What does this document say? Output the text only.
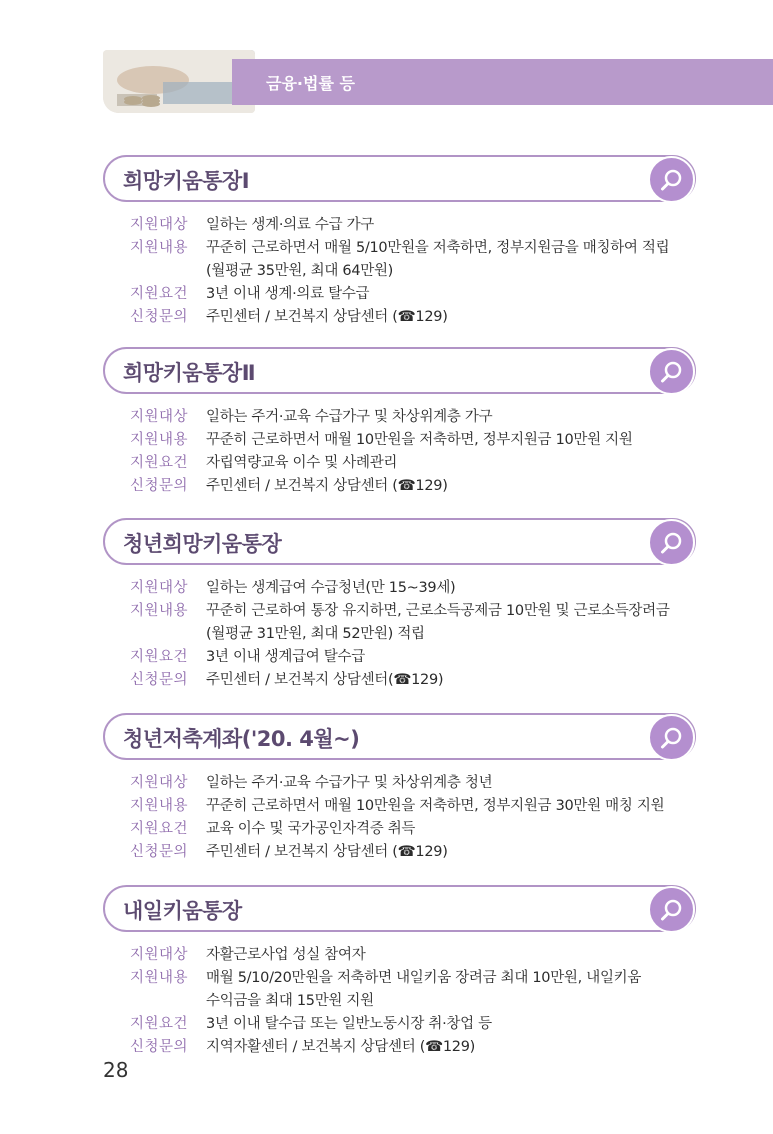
금융·법률 등
희망키움통장Ⅰ
지원대상	일하는 생계·의료 수급 가구
지원내용	꾸준히 근로하면서 매월 5/10만원을 저축하면, 정부지원금을 매칭하여 적립
(월평균 35만원, 최대 64만원)
지원요건	3년 이내 생계·의료 탈수급
신청문의	주민센터 / 보건복지 상담센터 (☎129)
희망키움통장Ⅱ
지원대상	일하는 주거·교육 수급가구 및 차상위계층 가구
지원내용	꾸준히 근로하면서 매월 10만원을 저축하면, 정부지원금 10만원 지원
지원요건	자립역량교육 이수 및 사례관리
신청문의	주민센터 / 보건복지 상담센터 (☎129)
청년희망키움통장
지원대상	일하는 생계급여 수급청년(만 15~39세)
지원내용	꾸준히 근로하여 통장 유지하면, 근로소득공제금 10만원 및 근로소득장려금
(월평균 31만원, 최대 52만원) 적립
지원요건	3년 이내 생계급여 탈수급
신청문의	주민센터 / 보건복지 상담센터(☎129)
청년저축계좌('20. 4월~)
지원대상	일하는 주거·교육 수급가구 및 차상위계층 청년
지원내용	꾸준히 근로하면서 매월 10만원을 저축하면, 정부지원금 30만원 매칭 지원
지원요건	교육 이수 및 국가공인자격증 취득
신청문의	주민센터 / 보건복지 상담센터 (☎129)
내일키움통장
지원대상	자활근로사업 성실 참여자
지원내용	매월 5/10/20만원을 저축하면 내일키움 장려금 최대 10만원, 내일키움
수익금을 최대 15만원 지원
지원요건	3년 이내 탈수급 또는 일반노동시장 취·창업 등
신청문의	지역자활센터 / 보건복지 상담센터 (☎129)
28
